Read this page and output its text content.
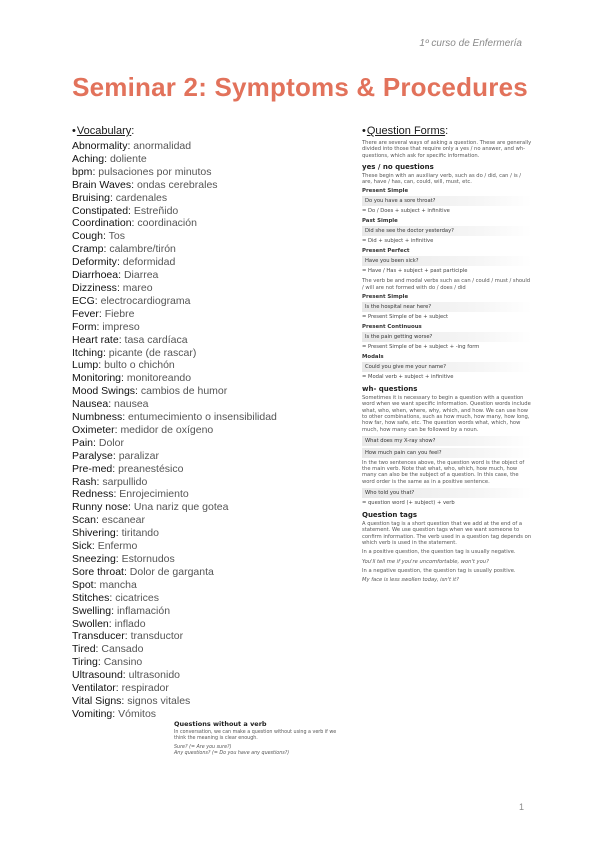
1º curso de Enfermería
Seminar 2: Symptoms & Procedures
•Vocabulary:
Abnormality: anormalidad
Aching: doliente
bpm: pulsaciones por minutos
Brain Waves: ondas cerebrales
Bruising: cardenales
Constipated: Estreñido
Coordination: coordinación
Cough: Tos
Cramp: calambre/tirón
Deformity: deformidad
Diarrhoea: Diarrea
Dizziness: mareo
ECG: electrocardiograma
Fever: Fiebre
Form: impreso
Heart rate: tasa cardíaca
Itching: picante (de rascar)
Lump: bulto o chichón
Monitoring: monitoreando
Mood Swings: cambios de humor
Nausea: nausea
Numbness: entumecimiento o insensibilidad
Oximeter: medidor de oxígeno
Pain: Dolor
Paralyse: paralizar
Pre-med: preanestésico
Rash: sarpullido
Redness: Enrojecimiento
Runny nose: Una nariz que gotea
Scan: escanear
Shivering: tiritando
Sick: Enfermo
Sneezing: Estornudos
Sore throat: Dolor de garganta
Spot: mancha
Stitches: cicatrices
Swelling: inflamación
Swollen: inflado
Transducer: transductor
Tired: Cansado
Tiring: Cansino
Ultrasound: ultrasonido
Ventilator: respirador
Vital Signs: signos vitales
Vomiting: Vómitos
•Question Forms:
There are several ways of asking a question. These are generally divided into those that require only a yes / no answer, and wh- questions, which ask for specific information.
yes / no questions
These begin with an auxiliary verb, such as do / did, can / is / are, have / has, can, could, will, must, etc.
Present Simple
Do you have a sore throat?
= Do / Does + subject + infinitive
Past Simple
Did she see the doctor yesterday?
= Did + subject + infinitive
Present Perfect
Have you been sick?
= Have / Has + subject + past participle
The verb be and modal verbs such as can / could / must / should / will are not formed with do / does / did
Present Simple
Is the hospital near here?
= Present Simple of be + subject
Present Continuous
Is the pain getting worse?
= Present Simple of be + subject + -ing form
Modals
Could you give me your name?
= Modal verb + subject + infinitive
wh- questions
Sometimes it is necessary to begin a question with a question word when we want specific information. Question words include what, who, when, where, why, which, and how. We can use how to other combinations, such as how much, how many, how long, how far, how safe, etc. The question words what, which, how much, how many can be followed by a noun.
What does my X-ray show?
How much pain can you feel?
In the two sentences above, the question word is the object of the main verb. Note that what, who, which, how much, how many can also be the subject of a question. In this case, the word order is the same as in a positive sentence.
Who told you that?
= question word (+ subject) + verb
Question tags
A question tag is a short question that we add at the end of a statement. We use question tags when we want someone to confirm information. The verb used in a question tag depends on which verb is used in the statement.
In a positive question, the question tag is usually negative.
You'll tell me if you're uncomfortable, won't you?
In a negative question, the question tag is usually positive.
My face is less swollen today, isn't it?
Questions without a verb
In conversation, we can make a question without using a verb if we think the meaning is clear enough.
Sure? (= Are you sure?)
Any questions? (= Do you have any questions?)
1
